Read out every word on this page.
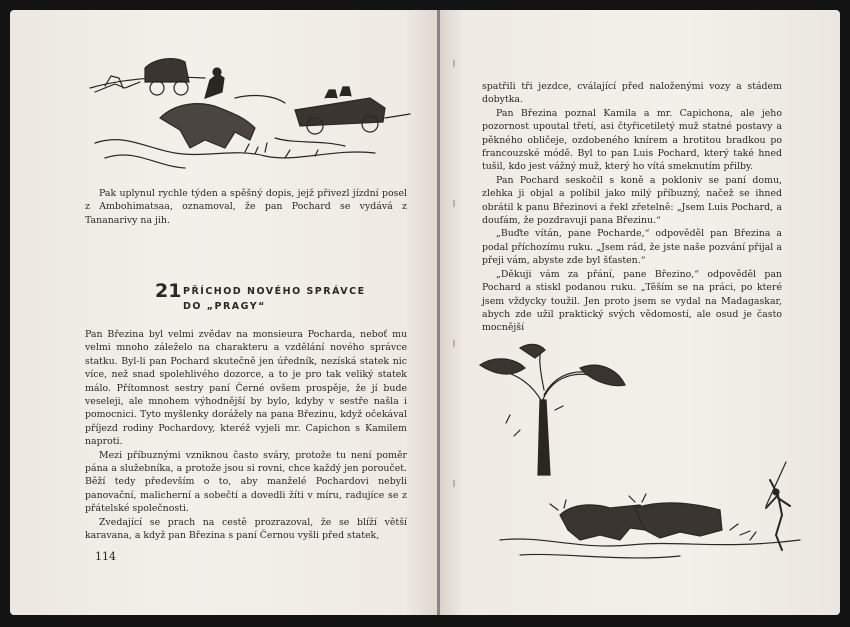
Pak uplynul rychle týden a spěšný dopis, jejž přivezl jízdní posel z Ambohimatsaa, oznamoval, že pan Pochard se vydává z Tananarivy na jih.

21 PŘÍCHOD NOVÉHO SPRÁVCE
DO „PRAGY“

Pan Březina byl velmi zvědav na monsieura Pocharda, neboť mu velmi mnoho záleželo na charakteru a vzdělání nového správce statku. Byl-li pan Pochard skutečně jen úředník, nezíská statek nic více, než snad spolehlivého dozorce, a to je pro tak veliký statek málo. Přítomnost sestry paní Černé ovšem prospěje, že jí bude veseleji, ale mnohem výhodnější by bylo, kdyby v sestře našla i pomocnici. Tyto myšlenky dorážely na pana Březinu, když očekával příjezd rodiny Pochardovy, kteréž vyjeli mr. Capichon s Kamilem naproti.

Mezi příbuznými vzniknou často sváry, protože tu není poměr pána a služebníka, a protože jsou si rovni, chce každý jen poroučet. Běží tedy především o to, aby manželé Pochardovi nebyli panovační, malicherní a sobečtí a dovedli žíti v míru, radujíce se z přátelské společnosti.

Zvedající se prach na cestě prozrazoval, že se blíží větší karavana, a když pan Březina s paní Černou vyšli před statek,

114

spatřili tři jezdce, cválající před naloženými vozy a stádem dobytka.

Pan Březina poznal Kamila a mr. Capichona, ale jeho pozornost upoutal třetí, asi čtyřicetiletý muž statné postavy a pěkného obličeje, ozdobeného knírem a hrotitou bradkou po francouzské módě. Byl to pan Luis Pochard, který také hned tušil, kdo jest vážný muž, který ho vítá smeknutím přilby.

Pan Pochard seskočil s koně a pokloniv se paní domu, zlehka ji objal a políbil jako milý příbuzný, načež se ihned obrátil k panu Březinovi a řekl zřetelně: „Jsem Luis Pochard, a doufám, že pozdravuji pana Březinu.“

„Buďte vítán, pane Pocharde,“ odpověděl pan Březina a podal příchozímu ruku. „Jsem rád, že jste naše pozvání přijal a přeji vám, abyste zde byl šťasten.“

„Děkuji vám za přání, pane Březino,“ odpověděl pan Pochard a stiskl podanou ruku. „Těším se na práci, po které jsem vždycky toužil. Jen proto jsem se vydal na Madagaskar, abych zde užil praktický svých vědomostí, ale osud je často mocnější
